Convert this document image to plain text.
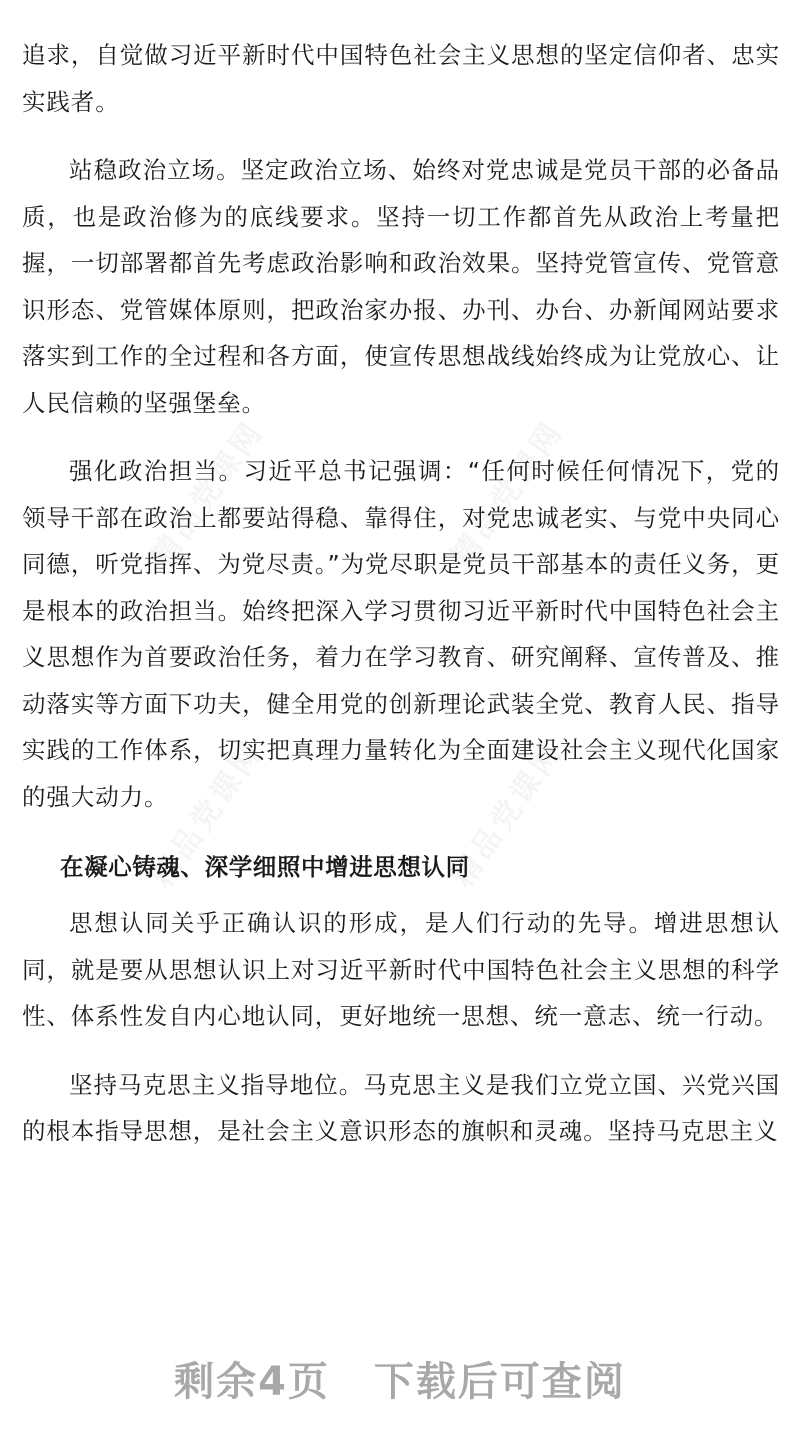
追求，自觉做习近平新时代中国特色社会主义思想的坚定信仰者、忠实实践者。

站稳政治立场。坚定政治立场、始终对党忠诚是党员干部的必备品质，也是政治修为的底线要求。坚持一切工作都首先从政治上考量把握，一切部署都首先考虑政治影响和政治效果。坚持党管宣传、党管意识形态、党管媒体原则，把政治家办报、办刊、办台、办新闻网站要求落实到工作的全过程和各方面，使宣传思想战线始终成为让党放心、让人民信赖的坚强堡垒。

强化政治担当。习近平总书记强调：“任何时候任何情况下，党的领导干部在政治上都要站得稳、靠得住，对党忠诚老实、与党中央同心同德，听党指挥、为党尽责。”为党尽职是党员干部基本的责任义务，更是根本的政治担当。始终把深入学习贯彻习近平新时代中国特色社会主义思想作为首要政治任务，着力在学习教育、研究阐释、宣传普及、推动落实等方面下功夫，健全用党的创新理论武装全党、教育人民、指导实践的工作体系，切实把真理力量转化为全面建设社会主义现代化国家的强大动力。

在凝心铸魂、深学细照中增进思想认同

思想认同关乎正确认识的形成，是人们行动的先导。增进思想认同，就是要从思想认识上对习近平新时代中国特色社会主义思想的科学性、体系性发自内心地认同，更好地统一思想、统一意志、统一行动。

坚持马克思主义指导地位。马克思主义是我们立党立国、兴党兴国的根本指导思想，是社会主义意识形态的旗帜和灵魂。坚持马克思主义

剩余4页 下载后可查阅
